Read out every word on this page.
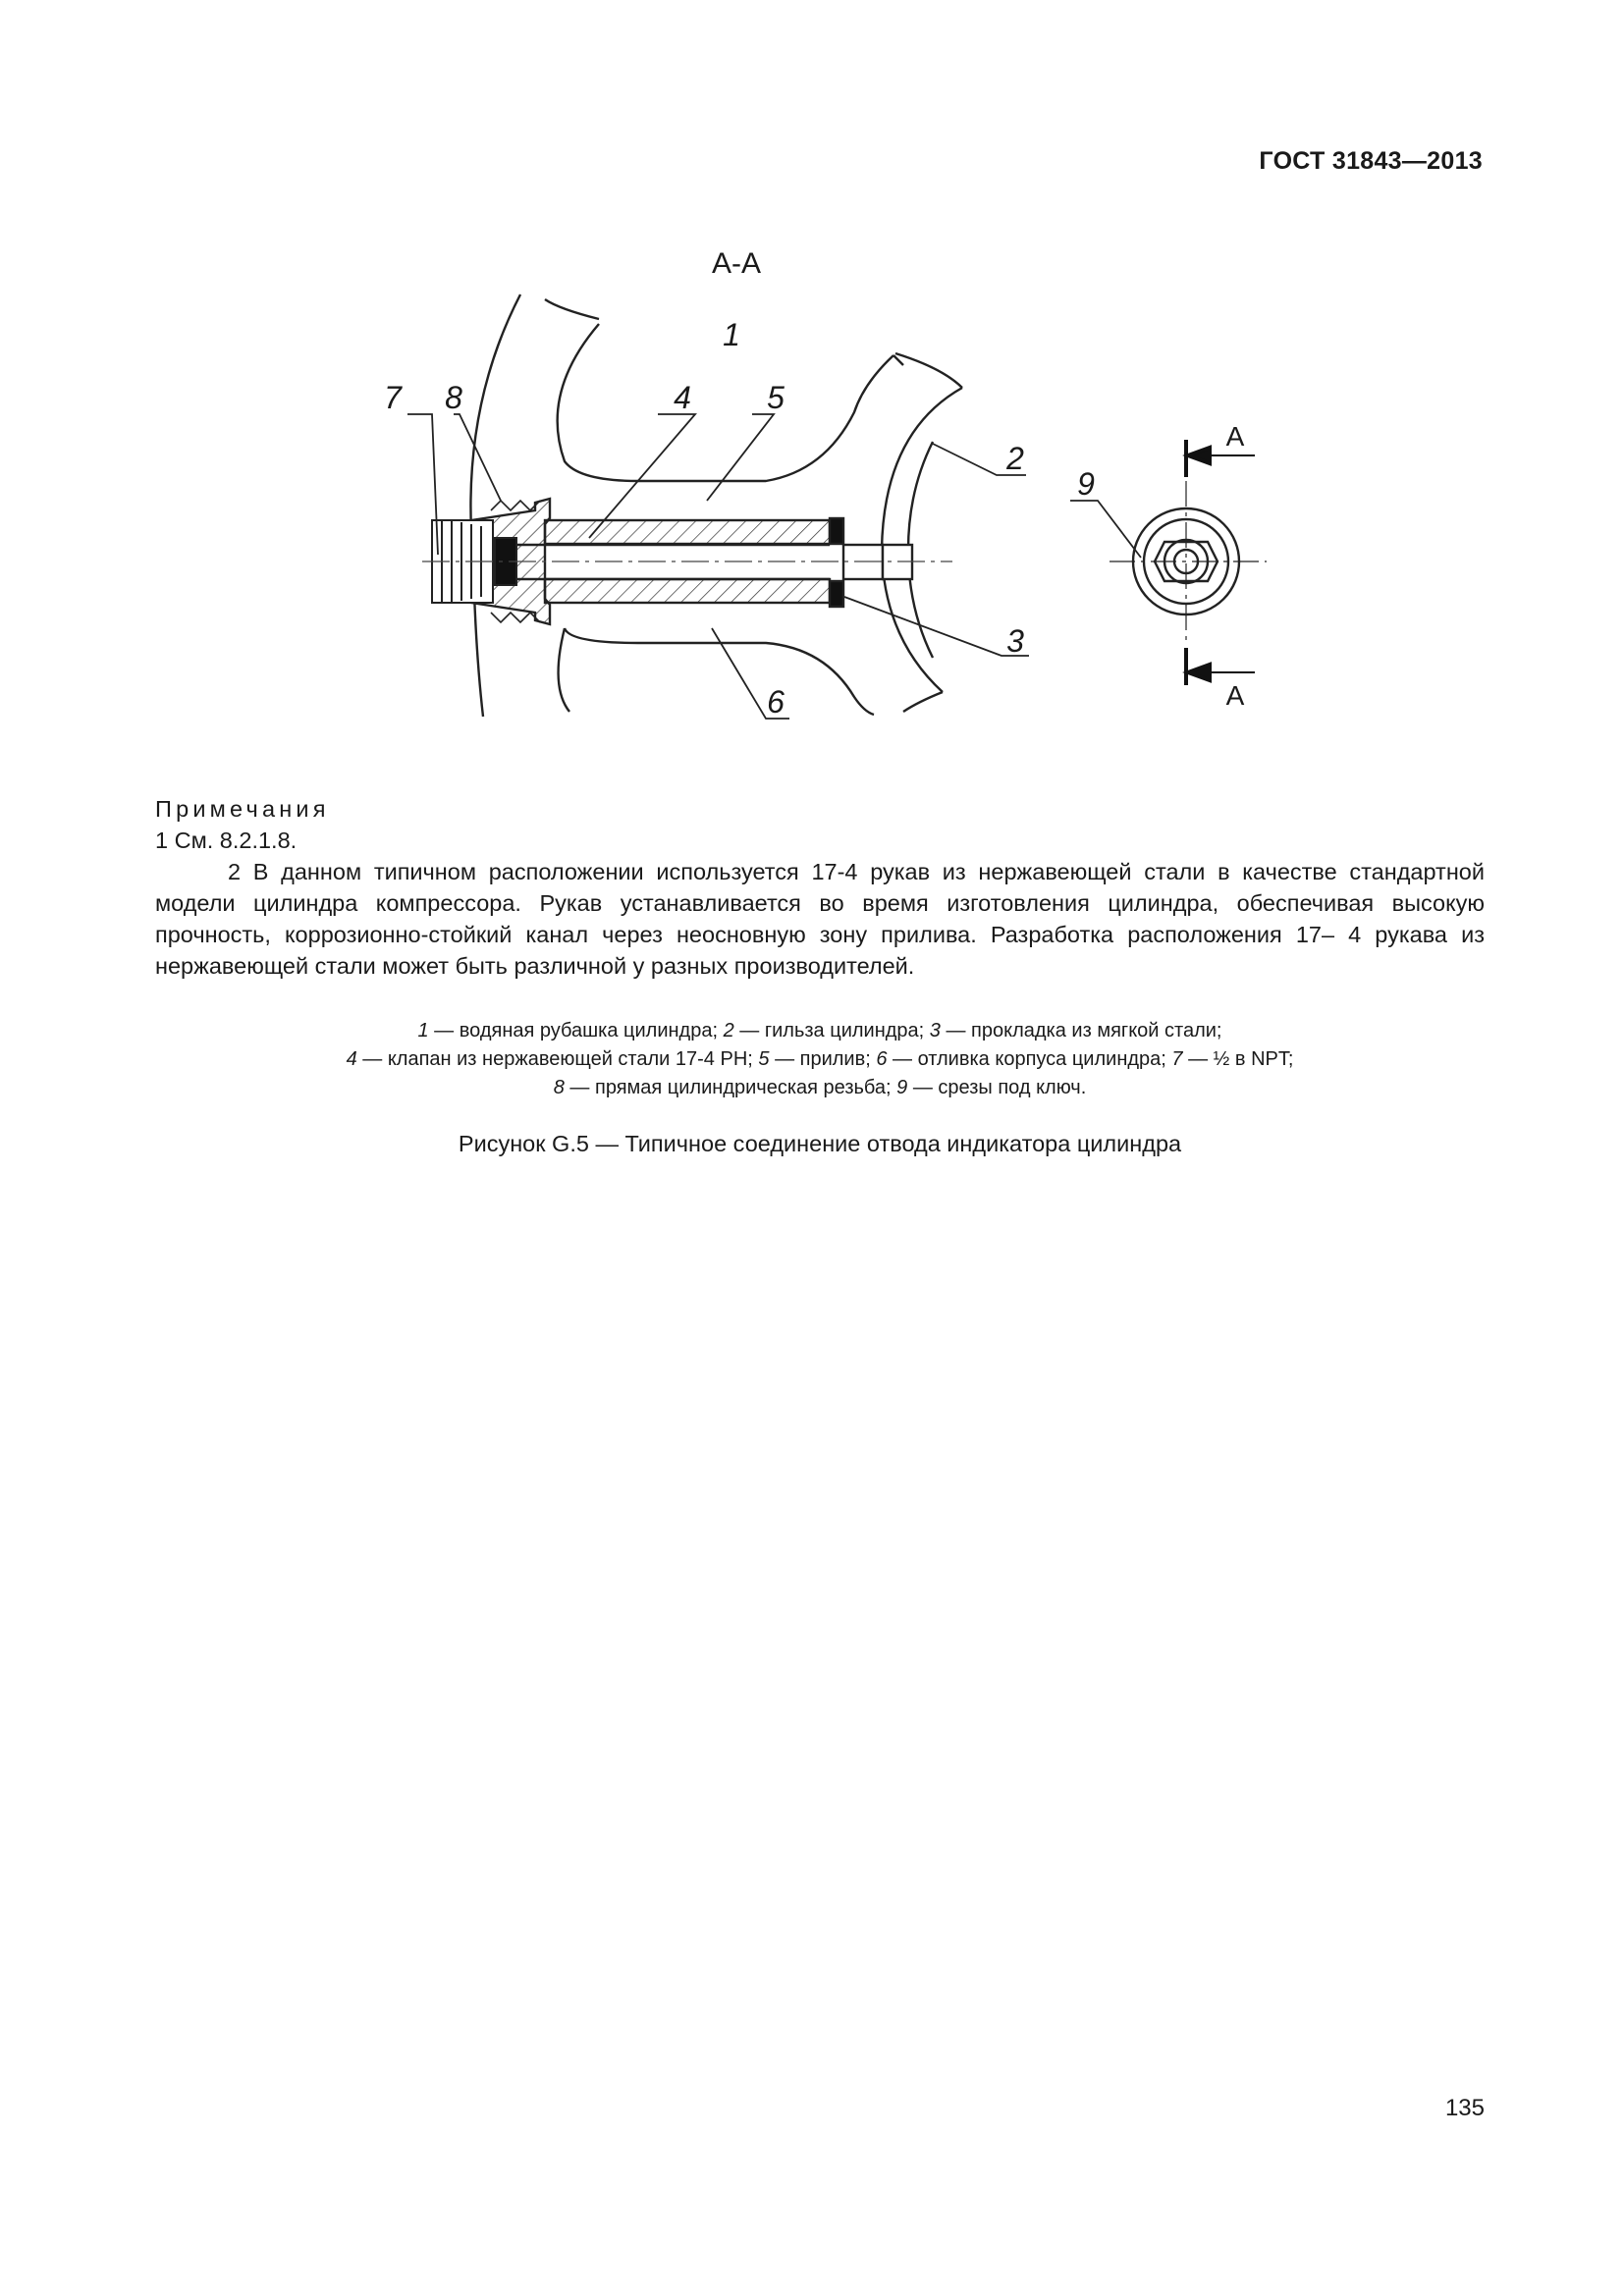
ГОСТ 31843—2013
А-А
1
2
3
4 5
6
7 8
9
А
А

Примечания

1 См. 8.2.1.8.

2 В данном типичном расположении используется 17-4 рукав из нержавеющей стали в качестве стандартной модели цилиндра компрессора. Рукав устанавливается во время изготовления цилиндра, обеспечивая высокую прочность, коррозионно-стойкий канал через неосновную зону прилива. Разработка расположения 17– 4 рукава из нержавеющей стали может быть различной у разных производителей.

1 — водяная рубашка цилиндра; 2 — гильза цилиндра; 3 — прокладка из мягкой стали;

4 — клапан из нержавеющей стали 17-4 PH; 5 — прилив; 6 — отливка корпуса цилиндра; 7 — ½ в NPT;

8 — прямая цилиндрическая резьба; 9 — срезы под ключ.

Рисунок G.5 — Типичное соединение отвода индикатора цилиндра
135
